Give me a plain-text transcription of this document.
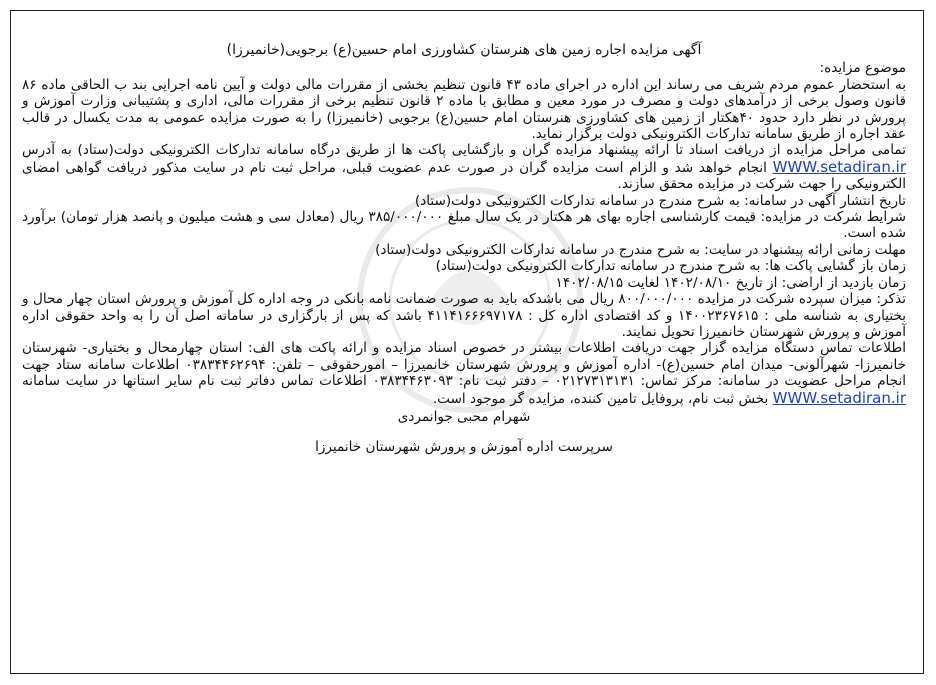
آگهی مزایده اجاره زمین های هنرستان کشاورزی امام حسین(ع) برجویی(خانمیرزا)

موضوع مزایده:

به استحضار عموم مردم شریف می رساند این اداره در اجرای ماده ۴۳ قانون تنظیم بخشی از مقررات مالی دولت و آیین نامه اجرایی بند ب الحاقی ماده ۸۶ قانون وصول برخی از درآمدهای دولت و مصرف در مورد معین و مطابق با ماده ۲ قانون تنظیم برخی از مقررات مالی، اداری و پشتیبانی وزارت آموزش و پرورش در نظر دارد حدود ۴۰هکتار از زمین های کشاورزی هنرستان امام حسین(ع) برجویی (خانمیرزا) را به صورت مزایده عمومی به مدت یکسال در قالب عقد اجاره از طریق سامانه تدارکات الکترونیکی دولت برگزار نماید.

تمامی مراحل مزایده از دریافت اسناد تا ارائه پیشنهاد مزایده گران و بازگشایی پاکت ها از طریق درگاه سامانه تدارکات الکترونیکی دولت(ستاد) به آدرس WWW.setadiran.ir انجام خواهد شد و الزام است مزایده گران در صورت عدم عضویت قبلی، مراحل ثبت نام در سایت مذکور دریافت گواهی امضای الکترونیکی را جهت شرکت در مزایده محقق سازند.

تاریخ انتشار آگهی در سامانه: به شرح مندرج در سامانه تدارکات الکترونیکی دولت(ستاد)

شرایط شرکت در مزایده: قیمت کارشناسی اجاره بهای هر هکتار در یک سال مبلغ ۳۸۵/۰۰۰/۰۰۰ ریال (معادل سی و هشت میلیون و پانصد هزار تومان) برآورد شده است.

مهلت زمانی ارائه پیشنهاد در سایت: به شرح مندرج در سامانه تدارکات الکترونیکی دولت(ستاد)

زمان باز گشایی پاکت ها: به شرح مندرج در سامانه تدارکات الکترونیکی دولت(ستاد)

زمان بازدید از اراضی: از تاریخ ۱۴۰۲/۰۸/۱۰ لغایت ۱۴۰۲/۰۸/۱۵

تذکر: میزان سپرده شرکت در مزایده ۸۰۰/۰۰۰/۰۰۰ ریال می باشدکه باید به صورت ضمانت نامه بانکی در وجه اداره کل آموزش و پرورش استان چهار محال و بختیاری به شناسه ملی : ۱۴۰۰۲۳۶۷۶۱۵ و کد اقتصادی اداره کل : ۴۱۱۴۱۶۶۶۹۷۱۷۸ باشد که پس از بارگزاری در سامانه اصل آن را به واحد حقوقی اداره آموزش و پرورش شهرستان خانمیرزا تحویل نمایند.

اطلاعات تماس دستگاه مزایده گزار جهت دریافت اطلاعات بیشتر در خصوص اسناد مزایده و ارائه پاکت های الف: استان چهارمحال و بختیاری- شهرستان خانمیرزا- شهرآلونی- میدان امام حسین(ع)- اداره آموزش و پرورش شهرستان خانمیرزا – امورحقوقی – تلفن: ۰۳۸۳۴۴۶۲۶۹۴ اطلاعات سامانه ستاد جهت انجام مراحل عضویت در سامانه: مرکز تماس: ۰۲۱۲۷۳۱۳۱۳۱ – دفتر ثبت نام: ۰۳۸۳۴۴۶۳۰۹۳ اطلاعات تماس دفاتر ثبت نام سایر استانها در سایت سامانه WWW.setadiran.ir بخش ثبت نام، پروفایل تامین کننده، مزایده گر موجود است.

شهرام محبی جوانمردی

سرپرست اداره آموزش و پرورش شهرستان خانمیرزا
